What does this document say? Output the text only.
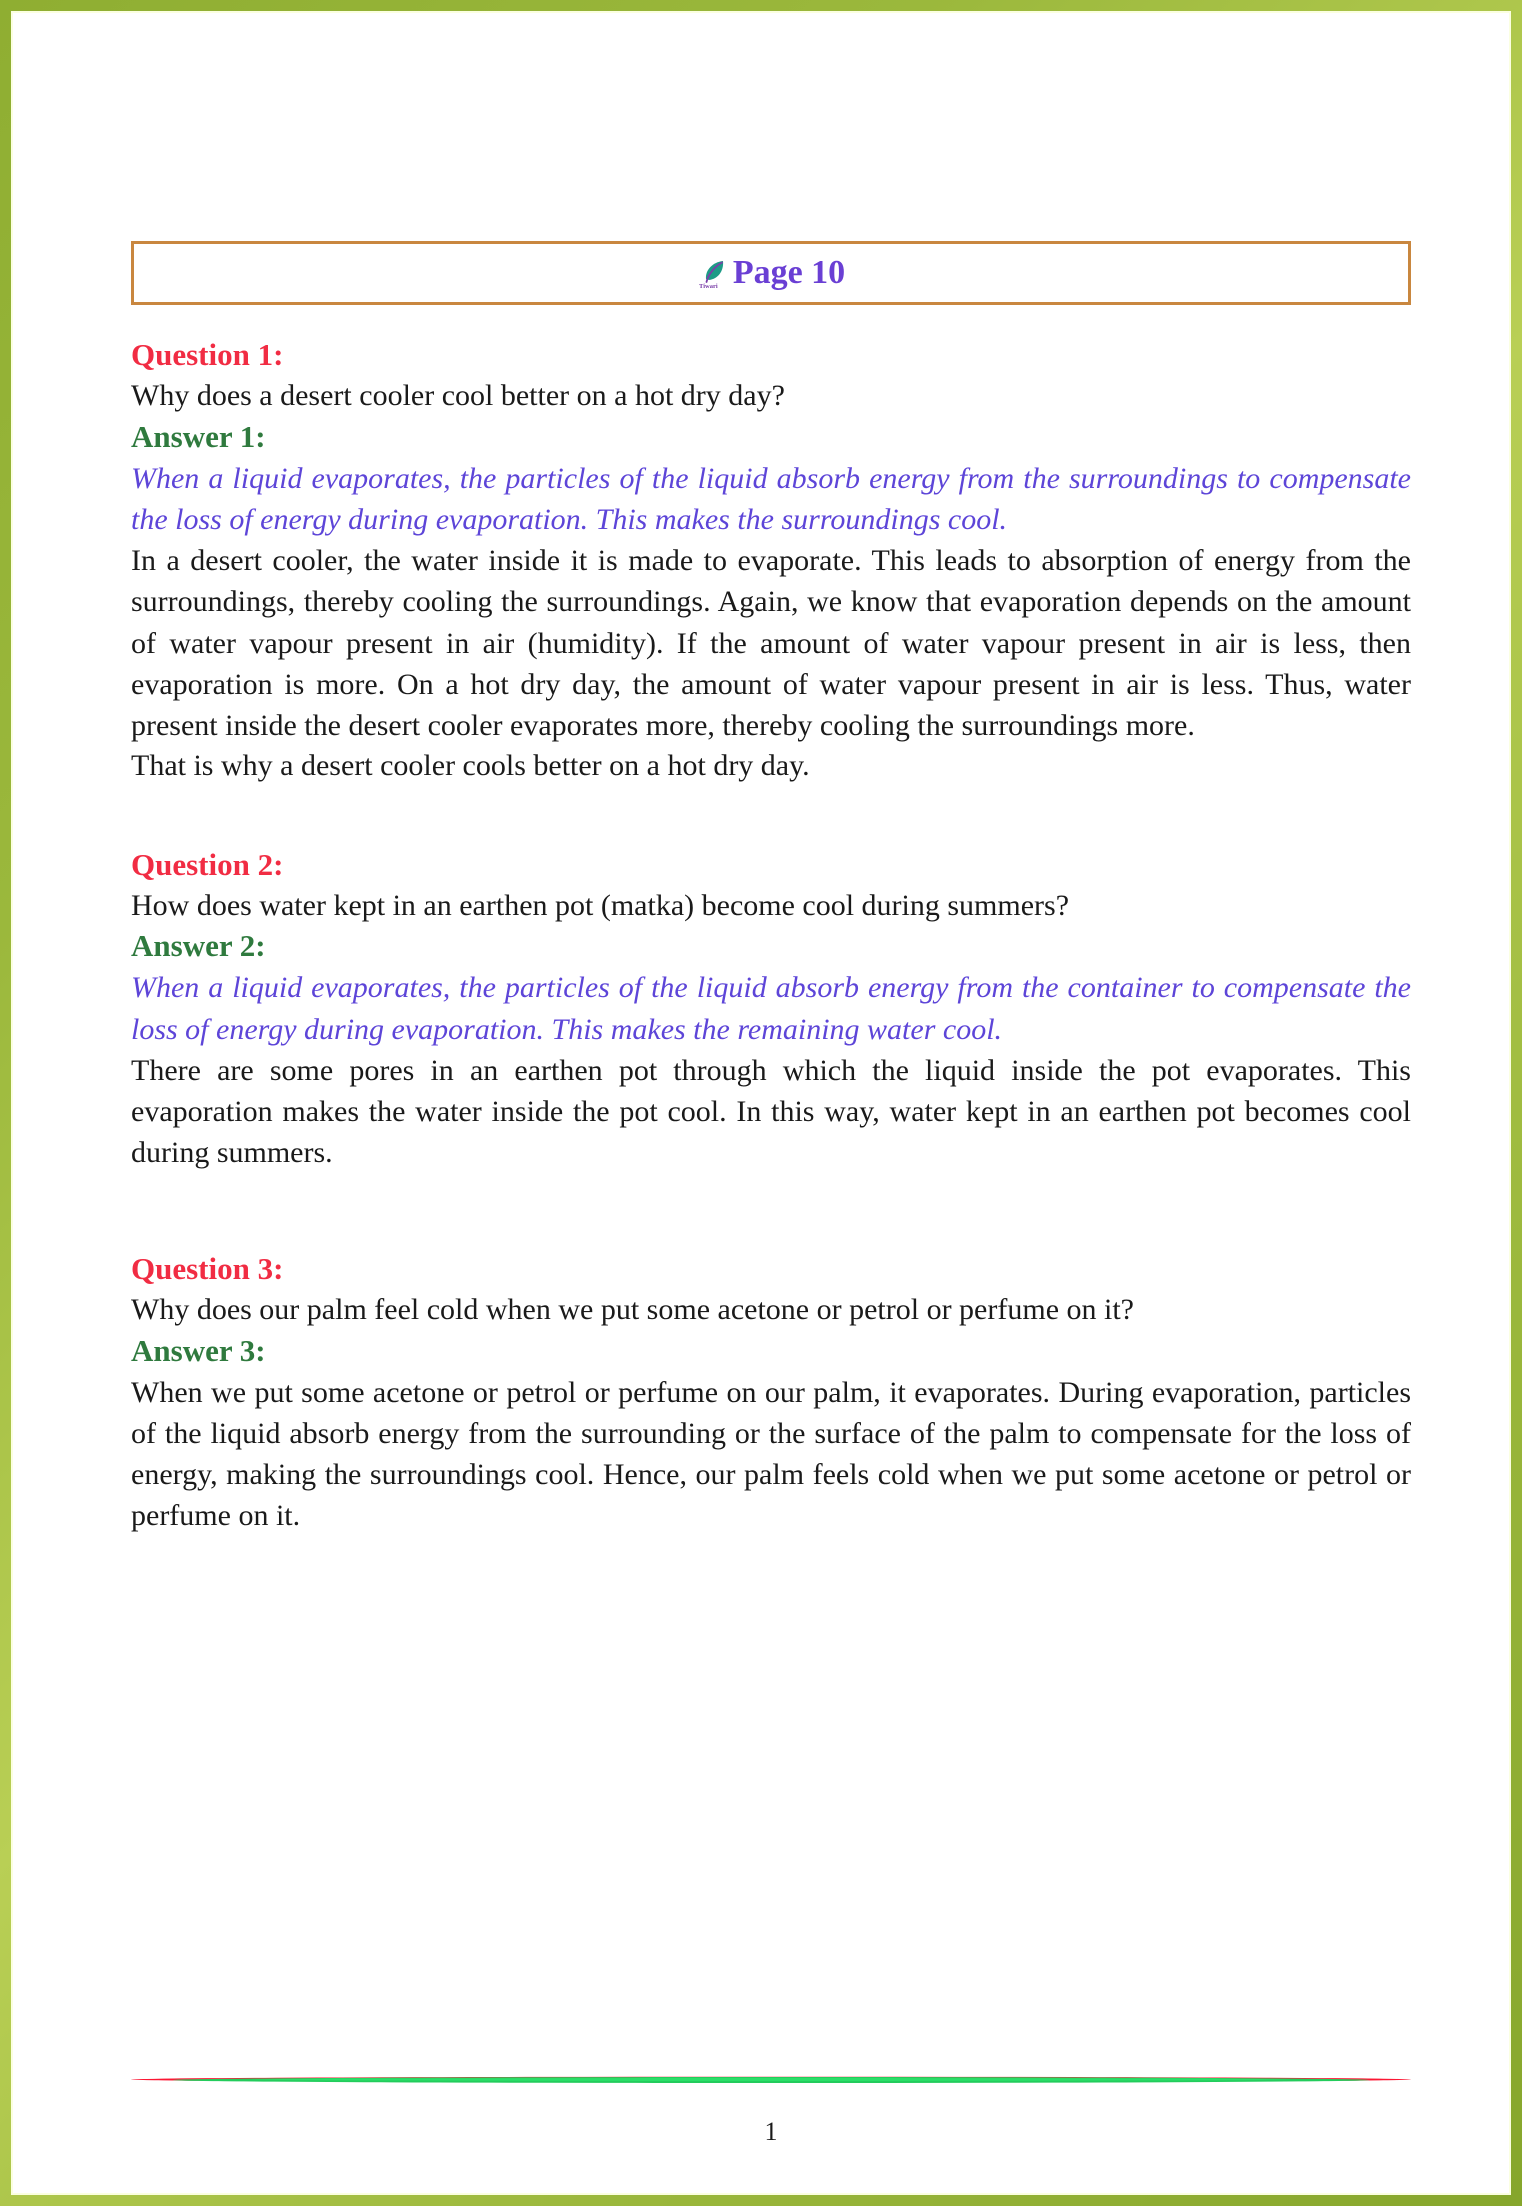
Tiwari Page 10

Question 1:

Why does a desert cooler cool better on a hot dry day?

Answer 1:

When a liquid evaporates, the particles of the liquid absorb energy from the surroundings to compensate the loss of energy during evaporation. This makes the surroundings cool.

In a desert cooler, the water inside it is made to evaporate. This leads to absorption of energy from the surroundings, thereby cooling the surroundings. Again, we know that evaporation depends on the amount of water vapour present in air (humidity). If the amount of water vapour present in air is less, then evaporation is more. On a hot dry day, the amount of water vapour present in air is less. Thus, water present inside the desert cooler evaporates more, thereby cooling the surroundings more.

That is why a desert cooler cools better on a hot dry day.

Question 2:

How does water kept in an earthen pot (matka) become cool during summers?

Answer 2:

When a liquid evaporates, the particles of the liquid absorb energy from the container to compensate the loss of energy during evaporation. This makes the remaining water cool.

There are some pores in an earthen pot through which the liquid inside the pot evaporates. This evaporation makes the water inside the pot cool. In this way, water kept in an earthen pot becomes cool during summers.

Question 3:

Why does our palm feel cold when we put some acetone or petrol or perfume on it?

Answer 3:

When we put some acetone or petrol or perfume on our palm, it evaporates. During evaporation, particles of the liquid absorb energy from the surrounding or the surface of the palm to compensate for the loss of energy, making the surroundings cool. Hence, our palm feels cold when we put some acetone or petrol or perfume on it.

1
